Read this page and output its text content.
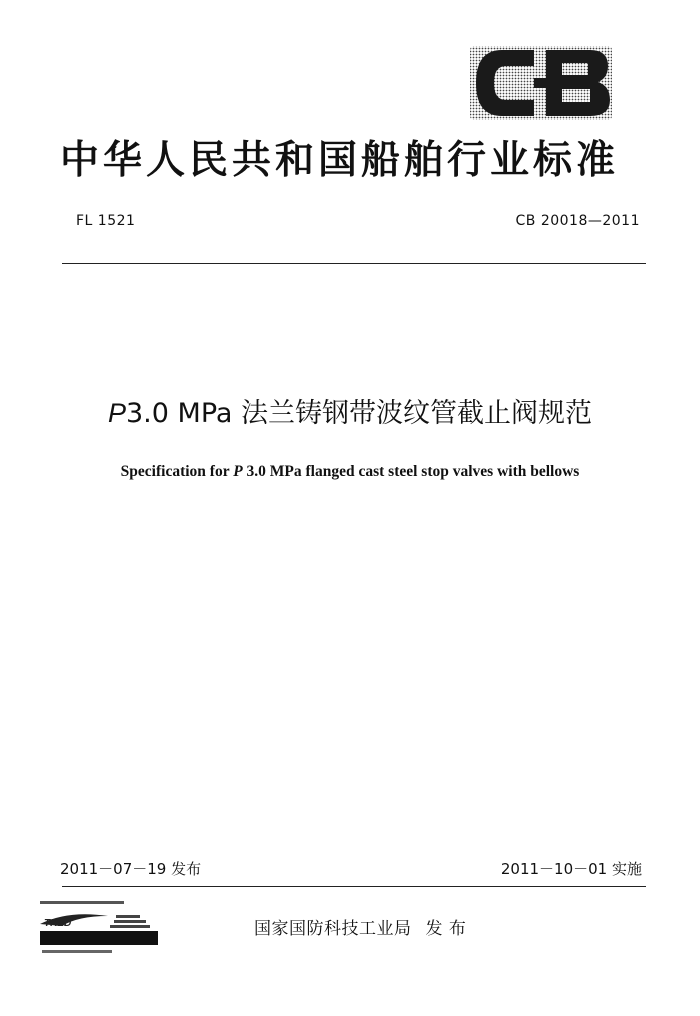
中华人民共和国船舶行业标准
FL 1521	CB 20018—2011
P3.0 MPa 法兰铸钢带波纹管截止阀规范
Specification for P 3.0 MPa flanged cast steel stop valves with bellows
2011－07－19 发布	2011－10－01 实施
TRED	国家国防科技工业局 发 布
